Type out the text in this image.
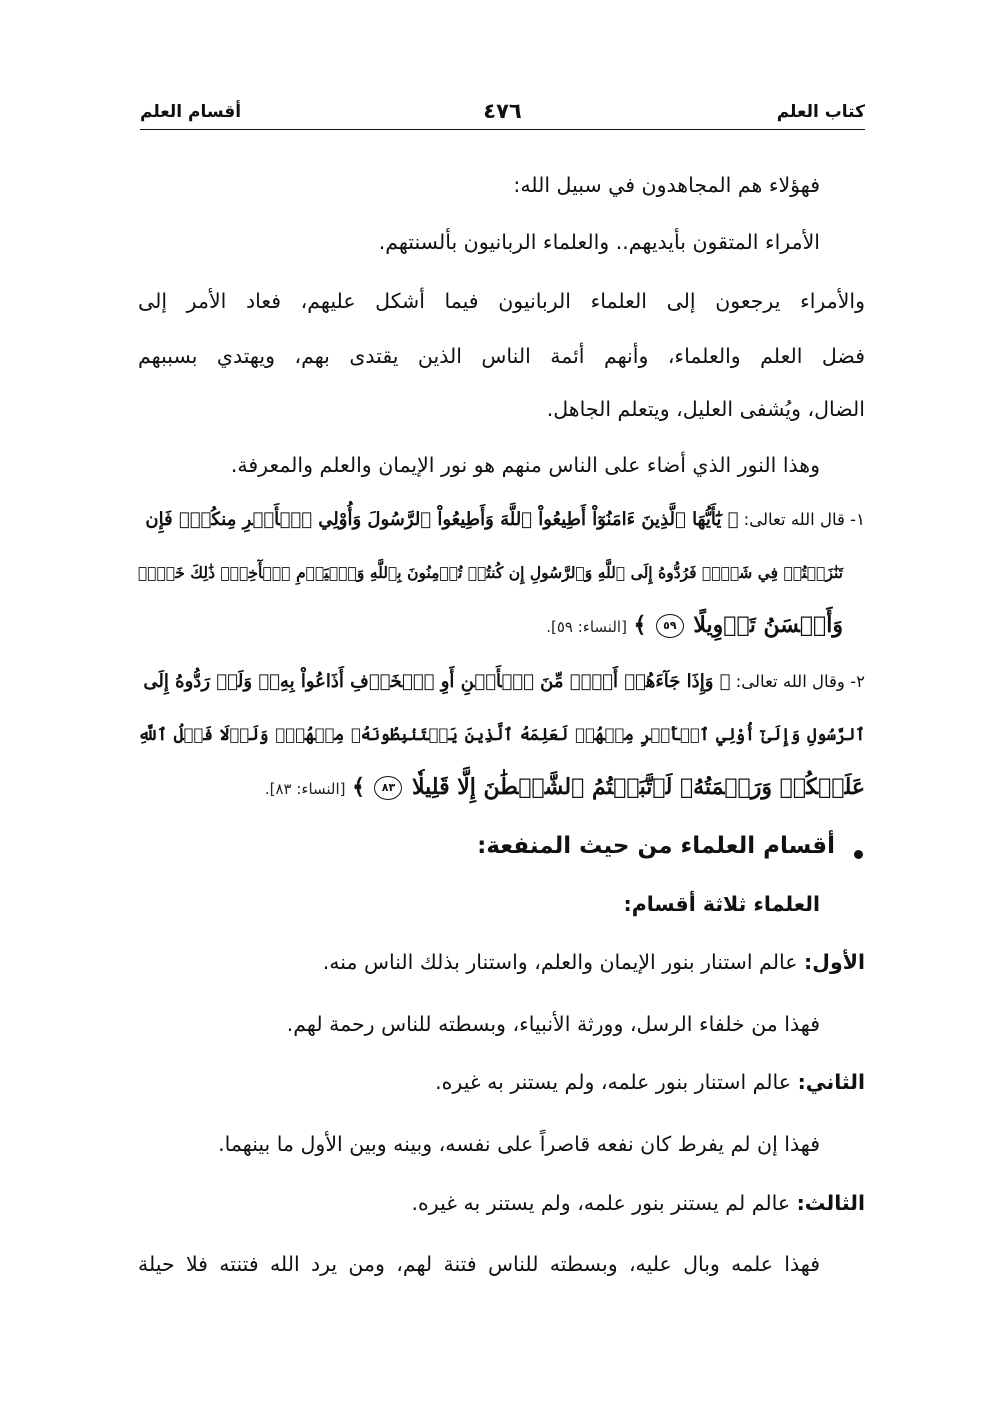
كتاب العلم
٤٧٦
أقسام العلم
فهؤلاء هم المجاهدون في سبيل الله:
الأمراء المتقون بأيديهم.. والعلماء الربانيون بألسنتهم.
والأمراء يرجعون إلى العلماء الربانيون فيما أشكل عليهم، فعاد الأمر إلى
فضل العلم والعلماء، وأنهم أئمة الناس الذين يقتدى بهم، ويهتدي بسببهم
الضال، ويُشفى العليل، ويتعلم الجاهل.
وهذا النور الذي أضاء على الناس منهم هو نور الإيمان والعلم والمعرفة.
١- قال الله تعالى: ﴿ يَٰٓأَيُّهَا ٱلَّذِينَ ءَامَنُوٓاْ أَطِيعُواْ ٱللَّهَ وَأَطِيعُواْ ٱلرَّسُولَ وَأُوْلِي ٱلۡأَمۡرِ مِنكُمۡۖ فَإِن
تَنَٰزَعۡتُمۡ فِي شَيۡءٖ فَرُدُّوهُ إِلَى ٱللَّهِ وَٱلرَّسُولِ إِن كُنتُمۡ تُؤۡمِنُونَ بِٱللَّهِ وَٱلۡيَوۡمِ ٱلۡأٓخِرِۚ ذَٰلِكَ خَيۡرٞ
وَأَحۡسَنُ تَأۡوِيلًا ٥٩ ﴾ [النساء: ٥٩].
٢- وقال الله تعالى: ﴿ وَإِذَا جَآءَهُمۡ أَمۡرٞ مِّنَ ٱلۡأَمۡنِ أَوِ ٱلۡخَوۡفِ أَذَاعُواْ بِهِۦۖ وَلَوۡ رَدُّوهُ إِلَى
ٱلرَّسُولِ وَإِلَىٰٓ أُوْلِي ٱلۡأَمۡرِ مِنۡهُمۡ لَعَلِمَهُ ٱلَّذِينَ يَسۡتَنۢبِطُونَهُۥ مِنۡهُمۡۗ وَلَوۡلَا فَضۡلُ ٱللَّهِ
عَلَيۡكُمۡ وَرَحۡمَتُهُۥ لَٱتَّبَعۡتُمُ ٱلشَّيۡطَٰنَ إِلَّا قَلِيلٗا ٨٣ ﴾ [النساء: ٨٣].
أقسام العلماء من حيث المنفعة:
العلماء ثلاثة أقسام:
الأول: عالم استنار بنور الإيمان والعلم، واستنار بذلك الناس منه.
فهذا من خلفاء الرسل، وورثة الأنبياء، وبسطته للناس رحمة لهم.
الثاني: عالم استنار بنور علمه، ولم يستنر به غيره.
فهذا إن لم يفرط كان نفعه قاصراً على نفسه، وبينه وبين الأول ما بينهما.
الثالث: عالم لم يستنر بنور علمه، ولم يستنر به غيره.
فهذا علمه وبال عليه، وبسطته للناس فتنة لهم، ومن يرد الله فتنته فلا حيلة
